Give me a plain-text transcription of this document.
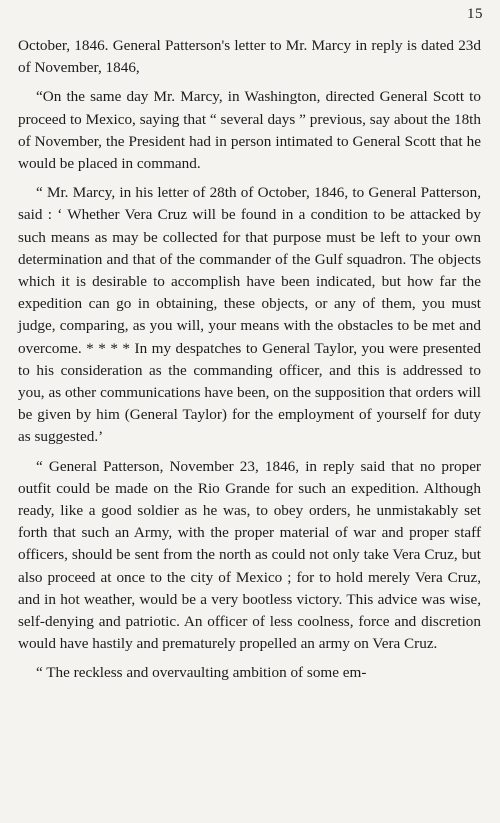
15

October, 1846. General Patterson's letter to Mr. Marcy in reply is dated 23d of November, 1846,

“On the same day Mr. Marcy, in Washington, directed General Scott to proceed to Mexico, saying that “ several days ” previous, say about the 18th of November, the President had in person intimated to General Scott that he would be placed in command.

“ Mr. Marcy, in his letter of 28th of October, 1846, to General Patterson, said : ‘ Whether Vera Cruz will be found in a condition to be attacked by such means as may be collected for that purpose must be left to your own determination and that of the commander of the Gulf squadron. The objects which it is desirable to accomplish have been indicated, but how far the expedition can go in obtaining, these objects, or any of them, you must judge, comparing, as you will, your means with the obstacles to be met and overcome. * * * * In my despatches to General Taylor, you were presented to his consideration as the commanding officer, and this is addressed to you, as other communications have been, on the supposition that orders will be given by him (General Taylor) for the employment of yourself for duty as suggested.’

“ General Patterson, November 23, 1846, in reply said that no proper outfit could be made on the Rio Grande for such an expedition. Although ready, like a good soldier as he was, to obey orders, he unmistakably set forth that such an Army, with the proper material of war and proper staff officers, should be sent from the north as could not only take Vera Cruz, but also proceed at once to the city of Mexico ; for to hold merely Vera Cruz, and in hot weather, would be a very bootless victory. This advice was wise, self-denying and patriotic. An officer of less coolness, force and discretion would have hastily and prematurely propelled an army on Vera Cruz.

“ The reckless and overvaulting ambition of some em-
